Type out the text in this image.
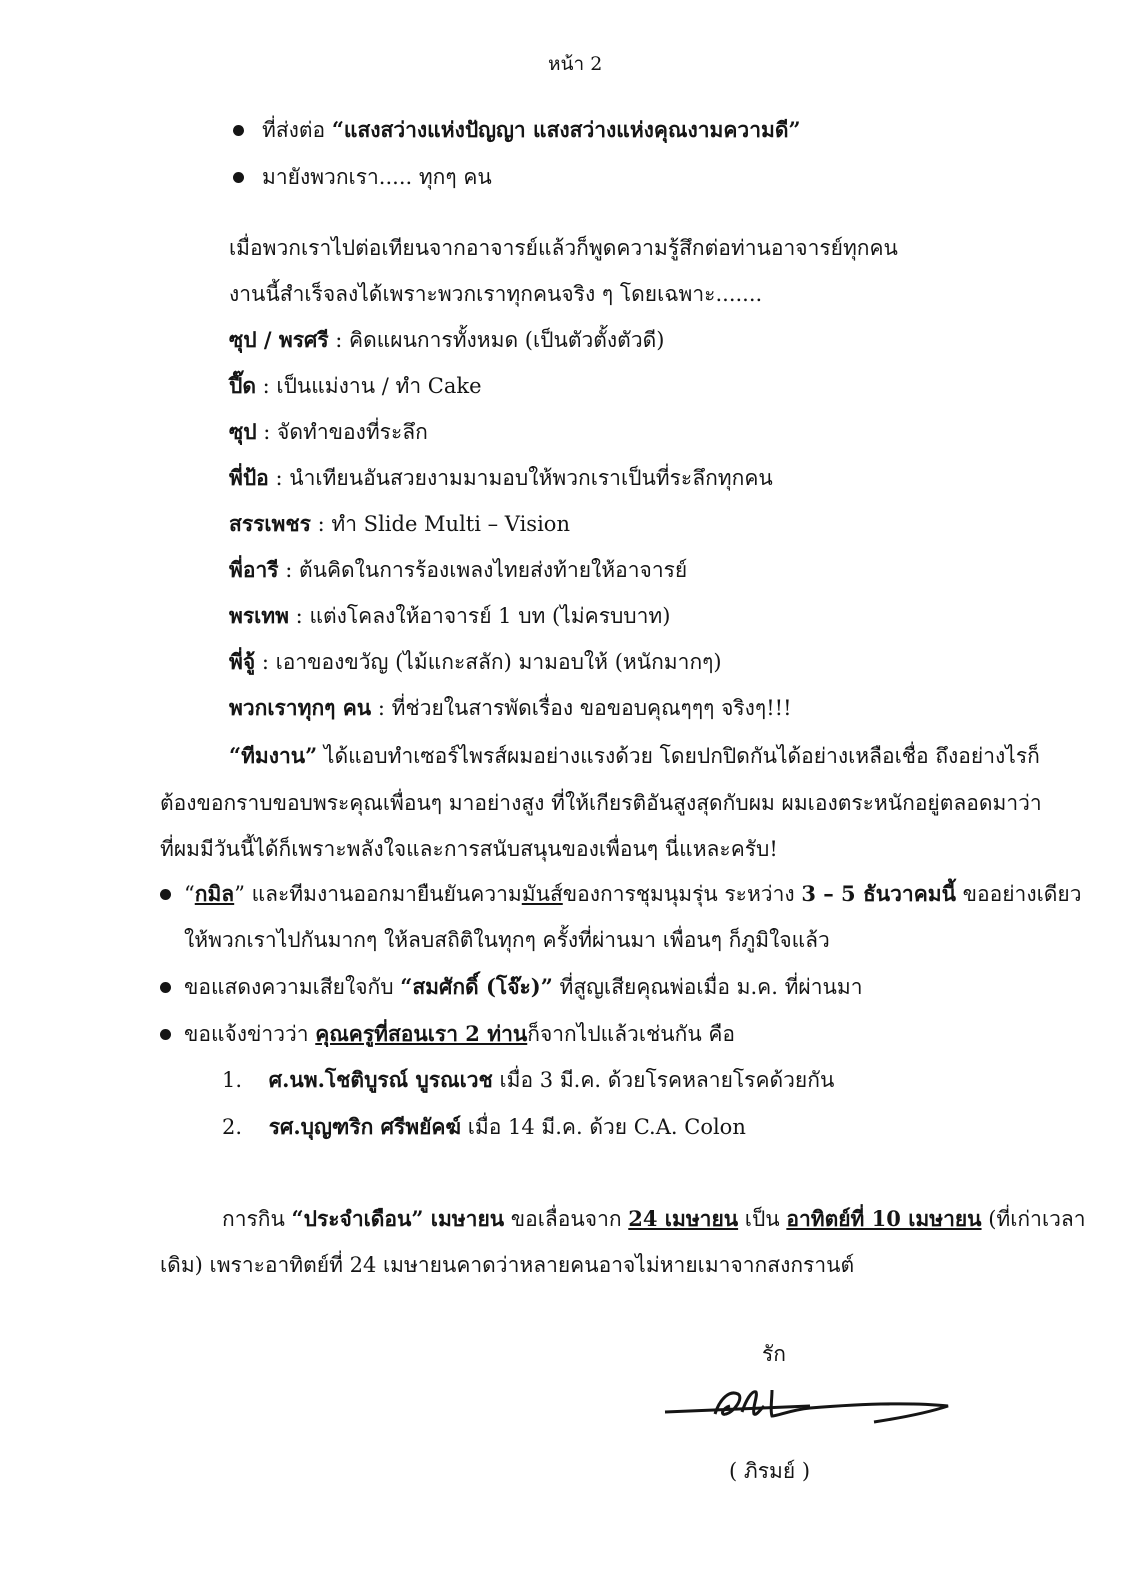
หน้า 2
ที่ส่งต่อ “แสงสว่างแห่งปัญญา แสงสว่างแห่งคุณงามความดี”
มายังพวกเรา..... ทุกๆ คน
เมื่อพวกเราไปต่อเทียนจากอาจารย์แล้วก็พูดความรู้สึกต่อท่านอาจารย์ทุกคน
งานนี้สำเร็จลงได้เพราะพวกเราทุกคนจริง ๆ โดยเฉพาะ.......
ซุป / พรศรี : คิดแผนการทั้งหมด (เป็นตัวตั้งตัวดี)
ปี๊ด : เป็นแม่งาน / ทำ Cake
ซุป : จัดทำของที่ระลึก
พี่ป้อ : นำเทียนอันสวยงามมามอบให้พวกเราเป็นที่ระลึกทุกคน
สรรเพชร : ทำ Slide Multi – Vision
พี่อารี : ต้นคิดในการร้องเพลงไทยส่งท้ายให้อาจารย์
พรเทพ : แต่งโคลงให้อาจารย์ 1 บท (ไม่ครบบาท)
พี่จู้ : เอาของขวัญ (ไม้แกะสลัก) มามอบให้ (หนักมากๆ)
พวกเราทุกๆ คน : ที่ช่วยในสารพัดเรื่อง ขอขอบคุณๆๆๆ จริงๆ!!!
“ทีมงาน” ได้แอบทำเซอร์ไพรส์ผมอย่างแรงด้วย โดยปกปิดกันได้อย่างเหลือเชื่อ ถึงอย่างไรก็
ต้องขอกราบขอบพระคุณเพื่อนๆ มาอย่างสูง ที่ให้เกียรติอันสูงสุดกับผม ผมเองตระหนักอยู่ตลอดมาว่า
ที่ผมมีวันนี้ได้ก็เพราะพลังใจและการสนับสนุนของเพื่อนๆ นี่แหละครับ!
“กมิล” และทีมงานออกมายืนยันความมันส์ของการชุมนุมรุ่น ระหว่าง 3 – 5 ธันวาคมนี้ ขออย่างเดียว
ให้พวกเราไปกันมากๆ ให้ลบสถิติในทุกๆ ครั้งที่ผ่านมา เพื่อนๆ ก็ภูมิใจแล้ว
ขอแสดงความเสียใจกับ “สมศักดิ์ (โจ๊ะ)” ที่สูญเสียคุณพ่อเมื่อ ม.ค. ที่ผ่านมา
ขอแจ้งข่าวว่า คุณครูที่สอนเรา 2 ท่านก็จากไปแล้วเช่นกัน คือ
1. ศ.นพ.โชติบูรณ์ บูรณเวช เมื่อ 3 มี.ค. ด้วยโรคหลายโรคด้วยกัน
2. รศ.บุญฑริก ศรีพยัคฆ์ เมื่อ 14 มี.ค. ด้วย C.A. Colon
การกิน “ประจำเดือน” เมษายน ขอเลื่อนจาก 24 เมษายน เป็น อาทิตย์ที่ 10 เมษายน (ที่เก่าเวลา
เดิม) เพราะอาทิตย์ที่ 24 เมษายนคาดว่าหลายคนอาจไม่หายเมาจากสงกรานต์
รัก
( ภิรมย์ )
